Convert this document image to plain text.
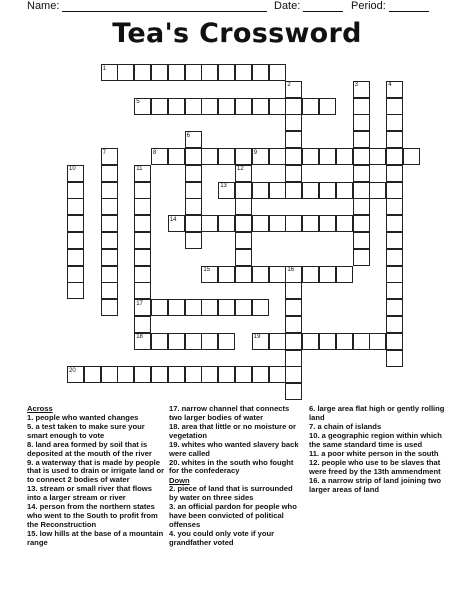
Name:	Date:	Period:
Tea's Crossword
1
2	3	4
5
6
7	8	9
10	11	12
13
14
15	16
17
18	19
20
Across
1. people who wanted changes
5. a test taken to make sure your smart enough to vote
8. land area formed by soil that is deposited at the mouth of the river
9. a waterway that is made by people that is used to drain or irrigate land or to connect 2 bodies of water
13. stream or small river that flows into a larger stream or river
14. person from the northern states who went to the South to profit from the Reconstruction
15. low hills at the base of a mountain range
17. narrow channel that connects two larger bodies of water
18. area that little or no moisture or vegetation
19. whites who wanted slavery back were called
20. whites in the south who fought for the confederacy
Down
2. piece of land that is surrounded by water on three sides
3. an official pardon for people who have been convicted of political offenses
4. you could only vote if your grandfather voted
6. large area flat high or gently rolling land
7. a chain of islands
10. a geographic region within which the same standard time is used
11. a poor white person in the south
12. people who use to be slaves that were freed by the 13th ammendment
16. a narrow strip of land joining two larger areas of land
